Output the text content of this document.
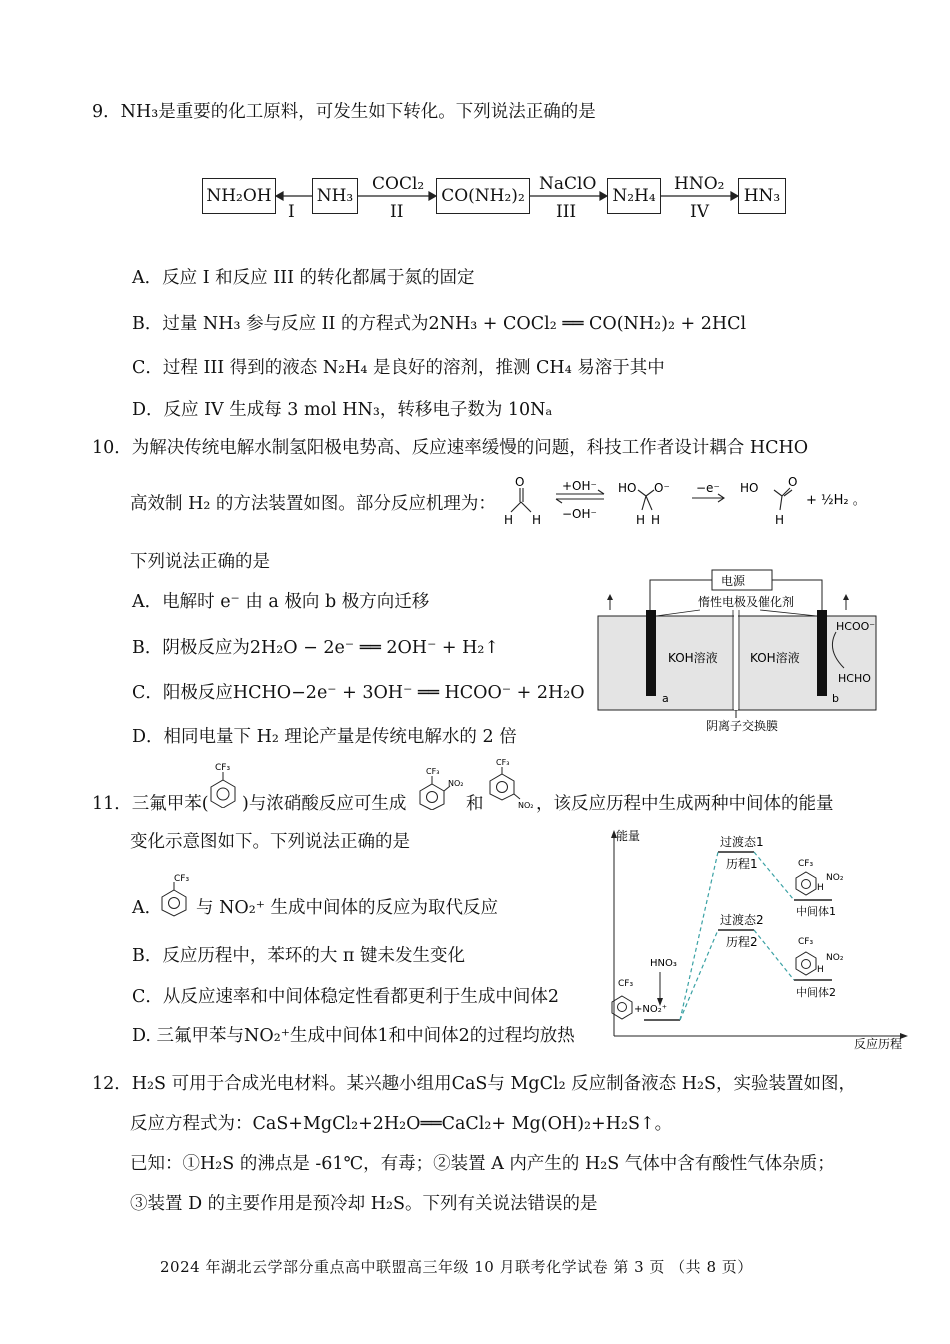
9．NH₃是重要的化工原料，可发生如下转化。下列说法正确的是
NH₂OH	NH₃	CO(NH₂)₂	N₂H₄	HN₃
I
COCl₂
II
NaClO
III
HNO₂
IV
A．反应 I 和反应 III 的转化都属于氮的固定
B．过量 NH₃ 参与反应 II 的方程式为2NH₃ + COCl₂ ══ CO(NH₂)₂ + 2HCl
C．过程 III 得到的液态 N₂H₄ 是良好的溶剂，推测 CH₄ 易溶于其中
D．反应 IV 生成每 3 mol HN₃，转移电子数为 10Nₐ
10．为解决传统电解水制氢阳极电势高、反应速率缓慢的问题，科技工作者设计耦合 HCHO
高效制 H₂ 的方法装置如图。部分反应机理为：
O
H H
+OH⁻
−OH⁻
HO O⁻
H H
−e⁻ HO O
H
+ ½H₂ 。
下列说法正确的是
A．电解时 e⁻ 由 a 极向 b 极方向迁移
B．阴极反应为2H₂O − 2e⁻ ══ 2OH⁻ + H₂↑
C．阳极反应HCHO−2e⁻ + 3OH⁻ ══ HCOO⁻ + 2H₂O
D．相同电量下 H₂ 理论产量是传统电解水的 2 倍
电源
惰性电极及催化剂
KOH溶液	KOH溶液
HCOO⁻
HCHO
a	b
阴离子交换膜
11．三氟甲苯(
CF₃
)与浓硝酸反应可生成
CF₃
NO₂
和
CF₃
NO₂ ，该反应历程中生成两种中间体的能量
变化示意图如下。下列说法正确的是
A．
CF₃
与 NO₂⁺ 生成中间体的反应为取代反应
B．反应历程中，苯环的大 π 键未发生变化
C．从反应速率和中间体稳定性看都更利于生成中间体2
D. 三氟甲苯与NO₂⁺生成中间体1和中间体2的过程均放热
能量
反应历程
过渡态1
历程1
过渡态2
历程2
HNO₃
CF₃
+NO₂⁺
CF₃
NO₂
H
中间体1
CF₃
NO₂
H
中间体2
12．H₂S 可用于合成光电材料。某兴趣小组用CaS与 MgCl₂ 反应制备液态 H₂S，实验装置如图，
反应方程式为：CaS+MgCl₂+2H₂O══CaCl₂+ Mg(OH)₂+H₂S↑。
已知：①H₂S 的沸点是 -61℃，有毒；②装置 A 内产生的 H₂S 气体中含有酸性气体杂质；
③装置 D 的主要作用是预冷却 H₂S。下列有关说法错误的是
2024 年湖北云学部分重点高中联盟高三年级 10 月联考化学试卷 第 3 页 （共 8 页）
